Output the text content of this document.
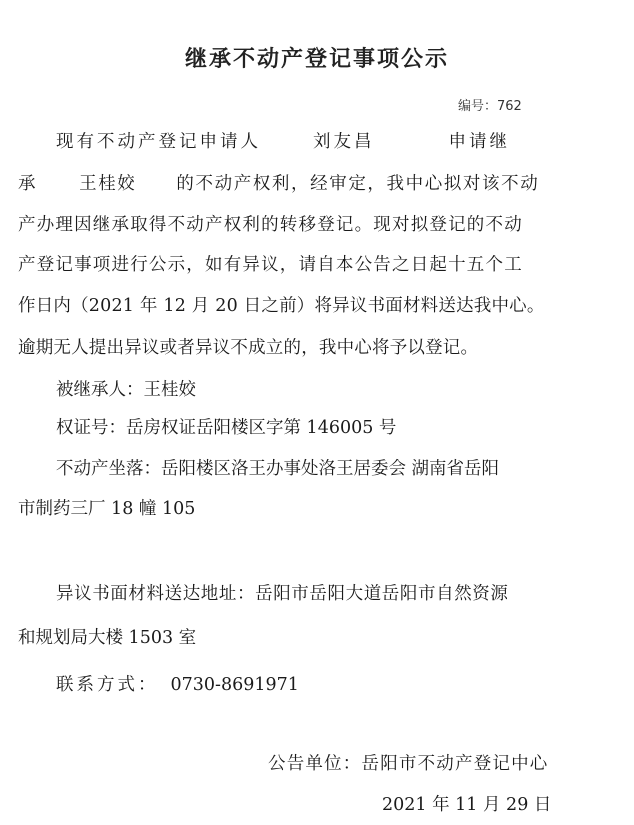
继承不动产登记事项公示
编号：762
现有不动产登记申请人	刘友昌	申请继
承 王桂姣 的不动产权利，经审定，我中心拟对该不动
产办理因继承取得不动产权利的转移登记。现对拟登记的不动
产登记事项进行公示，如有异议，请自本公告之日起十五个工
作日内（2021 年 12 月 20 日之前）将异议书面材料送达我中心。
逾期无人提出异议或者异议不成立的，我中心将予以登记。
被继承人：王桂姣
权证号：岳房权证岳阳楼区字第 146005 号
不动产坐落：岳阳楼区洛王办事处洛王居委会 湖南省岳阳
市制药三厂 18 幢 105
异议书面材料送达地址：岳阳市岳阳大道岳阳市自然资源
和规划局大楼 1503 室
联系方式： 0730-8691971
公告单位：岳阳市不动产登记中心
2021 年 11 月 29 日
